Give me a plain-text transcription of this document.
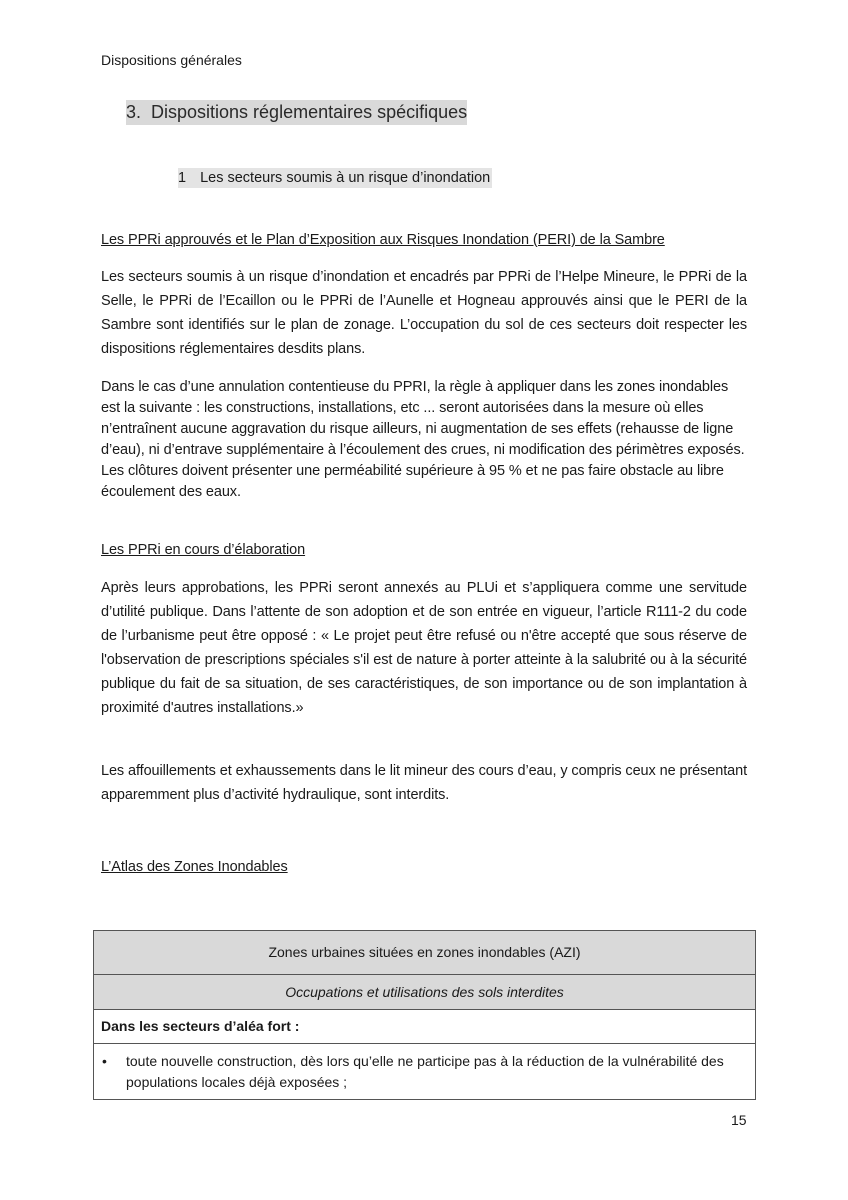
Dispositions générales
3. Dispositions réglementaires spécifiques
1 Les secteurs soumis à un risque d’inondation
Les PPRi approuvés et le Plan d’Exposition aux Risques Inondation (PERI) de la Sambre
Les secteurs soumis à un risque d’inondation et encadrés par PPRi de l’Helpe Mineure, le PPRi de la Selle, le PPRi de l’Ecaillon ou le PPRi de l’Aunelle et Hogneau approuvés ainsi que le PERI de la Sambre sont identifiés sur le plan de zonage. L’occupation du sol de ces secteurs doit respecter les dispositions réglementaires desdits plans.
Dans le cas d’une annulation contentieuse du PPRI, la règle à appliquer dans les zones inondables est la suivante : les constructions, installations, etc ... seront autorisées dans la mesure où elles n’entraînent aucune aggravation du risque ailleurs, ni augmentation de ses effets (rehausse de ligne d’eau), ni d’entrave supplémentaire à l’écoulement des crues, ni modification des périmètres exposés. Les clôtures doivent présenter une perméabilité supérieure à 95 % et ne pas faire obstacle au libre écoulement des eaux.
Les PPRi en cours d’élaboration
Après leurs approbations, les PPRi seront annexés au PLUi et s’appliquera comme une servitude d’utilité publique. Dans l’attente de son adoption et de son entrée en vigueur, l’article R111-2 du code de l’urbanisme peut être opposé : « Le projet peut être refusé ou n'être accepté que sous réserve de l'observation de prescriptions spéciales s'il est de nature à porter atteinte à la salubrité ou à la sécurité publique du fait de sa situation, de ses caractéristiques, de son importance ou de son implantation à proximité d'autres installations.»
Les affouillements et exhaussements dans le lit mineur des cours d’eau, y compris ceux ne présentant apparemment plus d’activité hydraulique, sont interdits.
L’Atlas des Zones Inondables
Zones urbaines situées en zones inondables (AZI)
Occupations et utilisations des sols interdites
Dans les secteurs d’aléa fort :
• toute nouvelle construction, dès lors qu’elle ne participe pas à la réduction de la vulnérabilité des populations locales déjà exposées ;
15
